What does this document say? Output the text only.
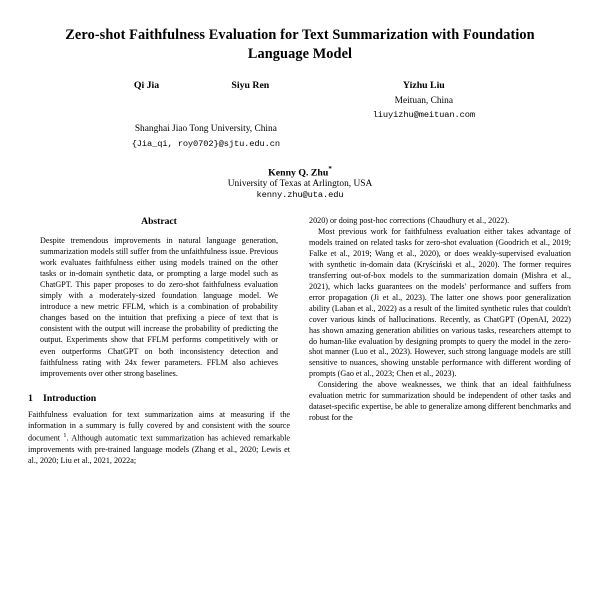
Zero-shot Faithfulness Evaluation for Text Summarization with Foundation Language Model
Qi Jia	Siyu Ren	Yizhu Liu
Meituan, China
liuyizhu@meituan.com
Shanghai Jiao Tong University, China
{Jia_qi, roy0702}@sjtu.edu.cn
Kenny Q. Zhu*
University of Texas at Arlington, USA
kenny.zhu@uta.edu
Abstract
Despite tremendous improvements in natural language generation, summarization models still suffer from the unfaithfulness issue. Previous work evaluates faithfulness either using models trained on the other tasks or in-domain synthetic data, or prompting a large model such as ChatGPT. This paper proposes to do zero-shot faithfulness evaluation simply with a moderately-sized foundation language model. We introduce a new metric FFLM, which is a combination of probability changes based on the intuition that prefixing a piece of text that is consistent with the output will increase the probability of predicting the output. Experiments show that FFLM performs competitively with or even outperforms ChatGPT on both inconsistency detection and faithfulness rating with 24x fewer parameters. FFLM also achieves improvements over other strong baselines.
1	Introduction

Faithfulness evaluation for text summarization aims at measuring if the information in a summary is fully covered by and consistent with the source document $^1$. Although automatic text summarization has achieved remarkable improvements with pre-trained language models (Zhang et al., 2020; Lewis et al., 2020; Liu et al., 2021, 2022a;

2020) or doing post-hoc corrections (Chaudhury et al., 2022).

Most previous work for faithfulness evaluation either takes advantage of models trained on related tasks for zero-shot evaluation (Goodrich et al., 2019; Falke et al., 2019; Wang et al., 2020), or does weakly-supervised evaluation with synthetic in-domain data (Kryściński et al., 2020). The former requires transferring out-of-box models to the summarization domain (Mishra et al., 2021), which lacks guarantees on the models' performance and suffers from error propagation (Ji et al., 2023). The latter one shows poor generalization ability (Laban et al., 2022) as a result of the limited synthetic rules that couldn't cover various kinds of hallucinations. Recently, as ChatGPT (OpenAI, 2022) has shown amazing generation abilities on various tasks, researchers attempt to do human-like evaluation by designing prompts to query the model in the zero-shot manner (Luo et al., 2023). However, such strong language models are still sensitive to nuances, showing unstable performance with different wording of prompts (Gao et al., 2023; Chen et al., 2023).

Considering the above weaknesses, we think that an ideal faithfulness evaluation metric for summarization should be independent of other tasks and dataset-specific expertise, be able to generalize among different benchmarks and robust for the
